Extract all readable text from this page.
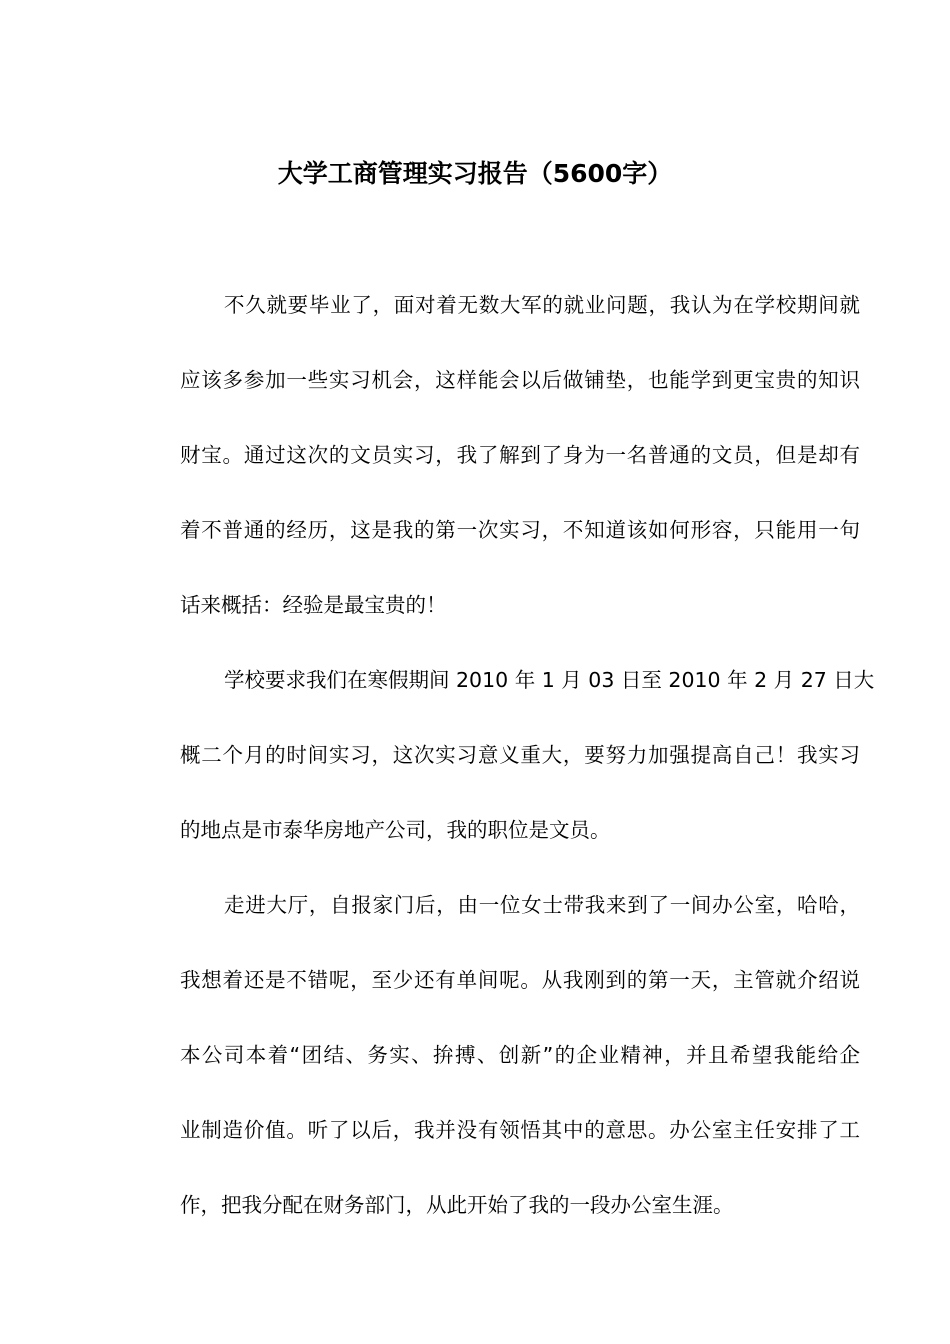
大学工商管理实习报告（5600字）
不久就要毕业了，面对着无数大军的就业问题，我认为在学校期间就
应该多参加一些实习机会，这样能会以后做铺垫，也能学到更宝贵的知识
财宝。通过这次的文员实习，我了解到了身为一名普通的文员，但是却有
着不普通的经历，这是我的第一次实习，不知道该如何形容，只能用一句
话来概括：经验是最宝贵的！
学校要求我们在寒假期间 2010 年 1 月 03 日至 2010 年 2 月 27 日大
概二个月的时间实习，这次实习意义重大，要努力加强提高自己！我实习
的地点是市泰华房地产公司，我的职位是文员。
走进大厅，自报家门后，由一位女士带我来到了一间办公室，哈哈，
我想着还是不错呢，至少还有单间呢。从我刚到的第一天，主管就介绍说
本公司本着“团结、务实、拚搏、创新”的企业精神，并且希望我能给企
业制造价值。听了以后，我并没有领悟其中的意思。办公室主任安排了工
作，把我分配在财务部门，从此开始了我的一段办公室生涯。
